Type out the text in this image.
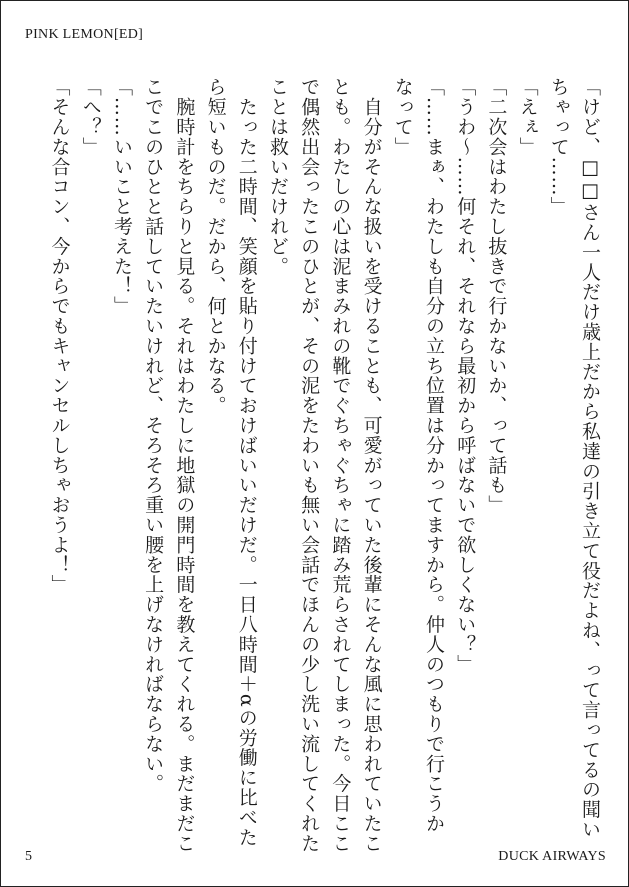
PINK LEMON[ED]
「けど、□□さん一人だけ歳上だから私達の引き立て役だよね、って言ってるの聞い
ちゃって……」
「えぇ」
「二次会はわたし抜きで行かないか、って話も」
「うわ～……何それ、それなら最初から呼ばないで欲しくない？」
「……まぁ、わたしも自分の立ち位置は分かってますから。仲人のつもりで行こうか
なって」
　自分がそんな扱いを受けることも、可愛がっていた後輩にそんな風に思われていたこ
とも。わたしの心は泥まみれの靴でぐちゃぐちゃに踏み荒らされてしまった。今日ここ
で偶然出会ったこのひとが、その泥をたわいも無い会話でほんの少し洗い流してくれた
ことは救いだけれど。
　たった二時間、笑顔を貼り付けておけばいいだけだ。一日八時間＋αの労働に比べた
ら短いものだ。だから、何とかなる。
　腕時計をちらりと見る。それはわたしに地獄の開門時間を教えてくれる。まだまだこ
こでこのひとと話していたいけれど、そろそろ重い腰を上げなければならない。
「……いいこと考えた！」
「へ？」
「そんな合コン、今からでもキャンセルしちゃおうよ！」
5	DUCK AIRWAYS
